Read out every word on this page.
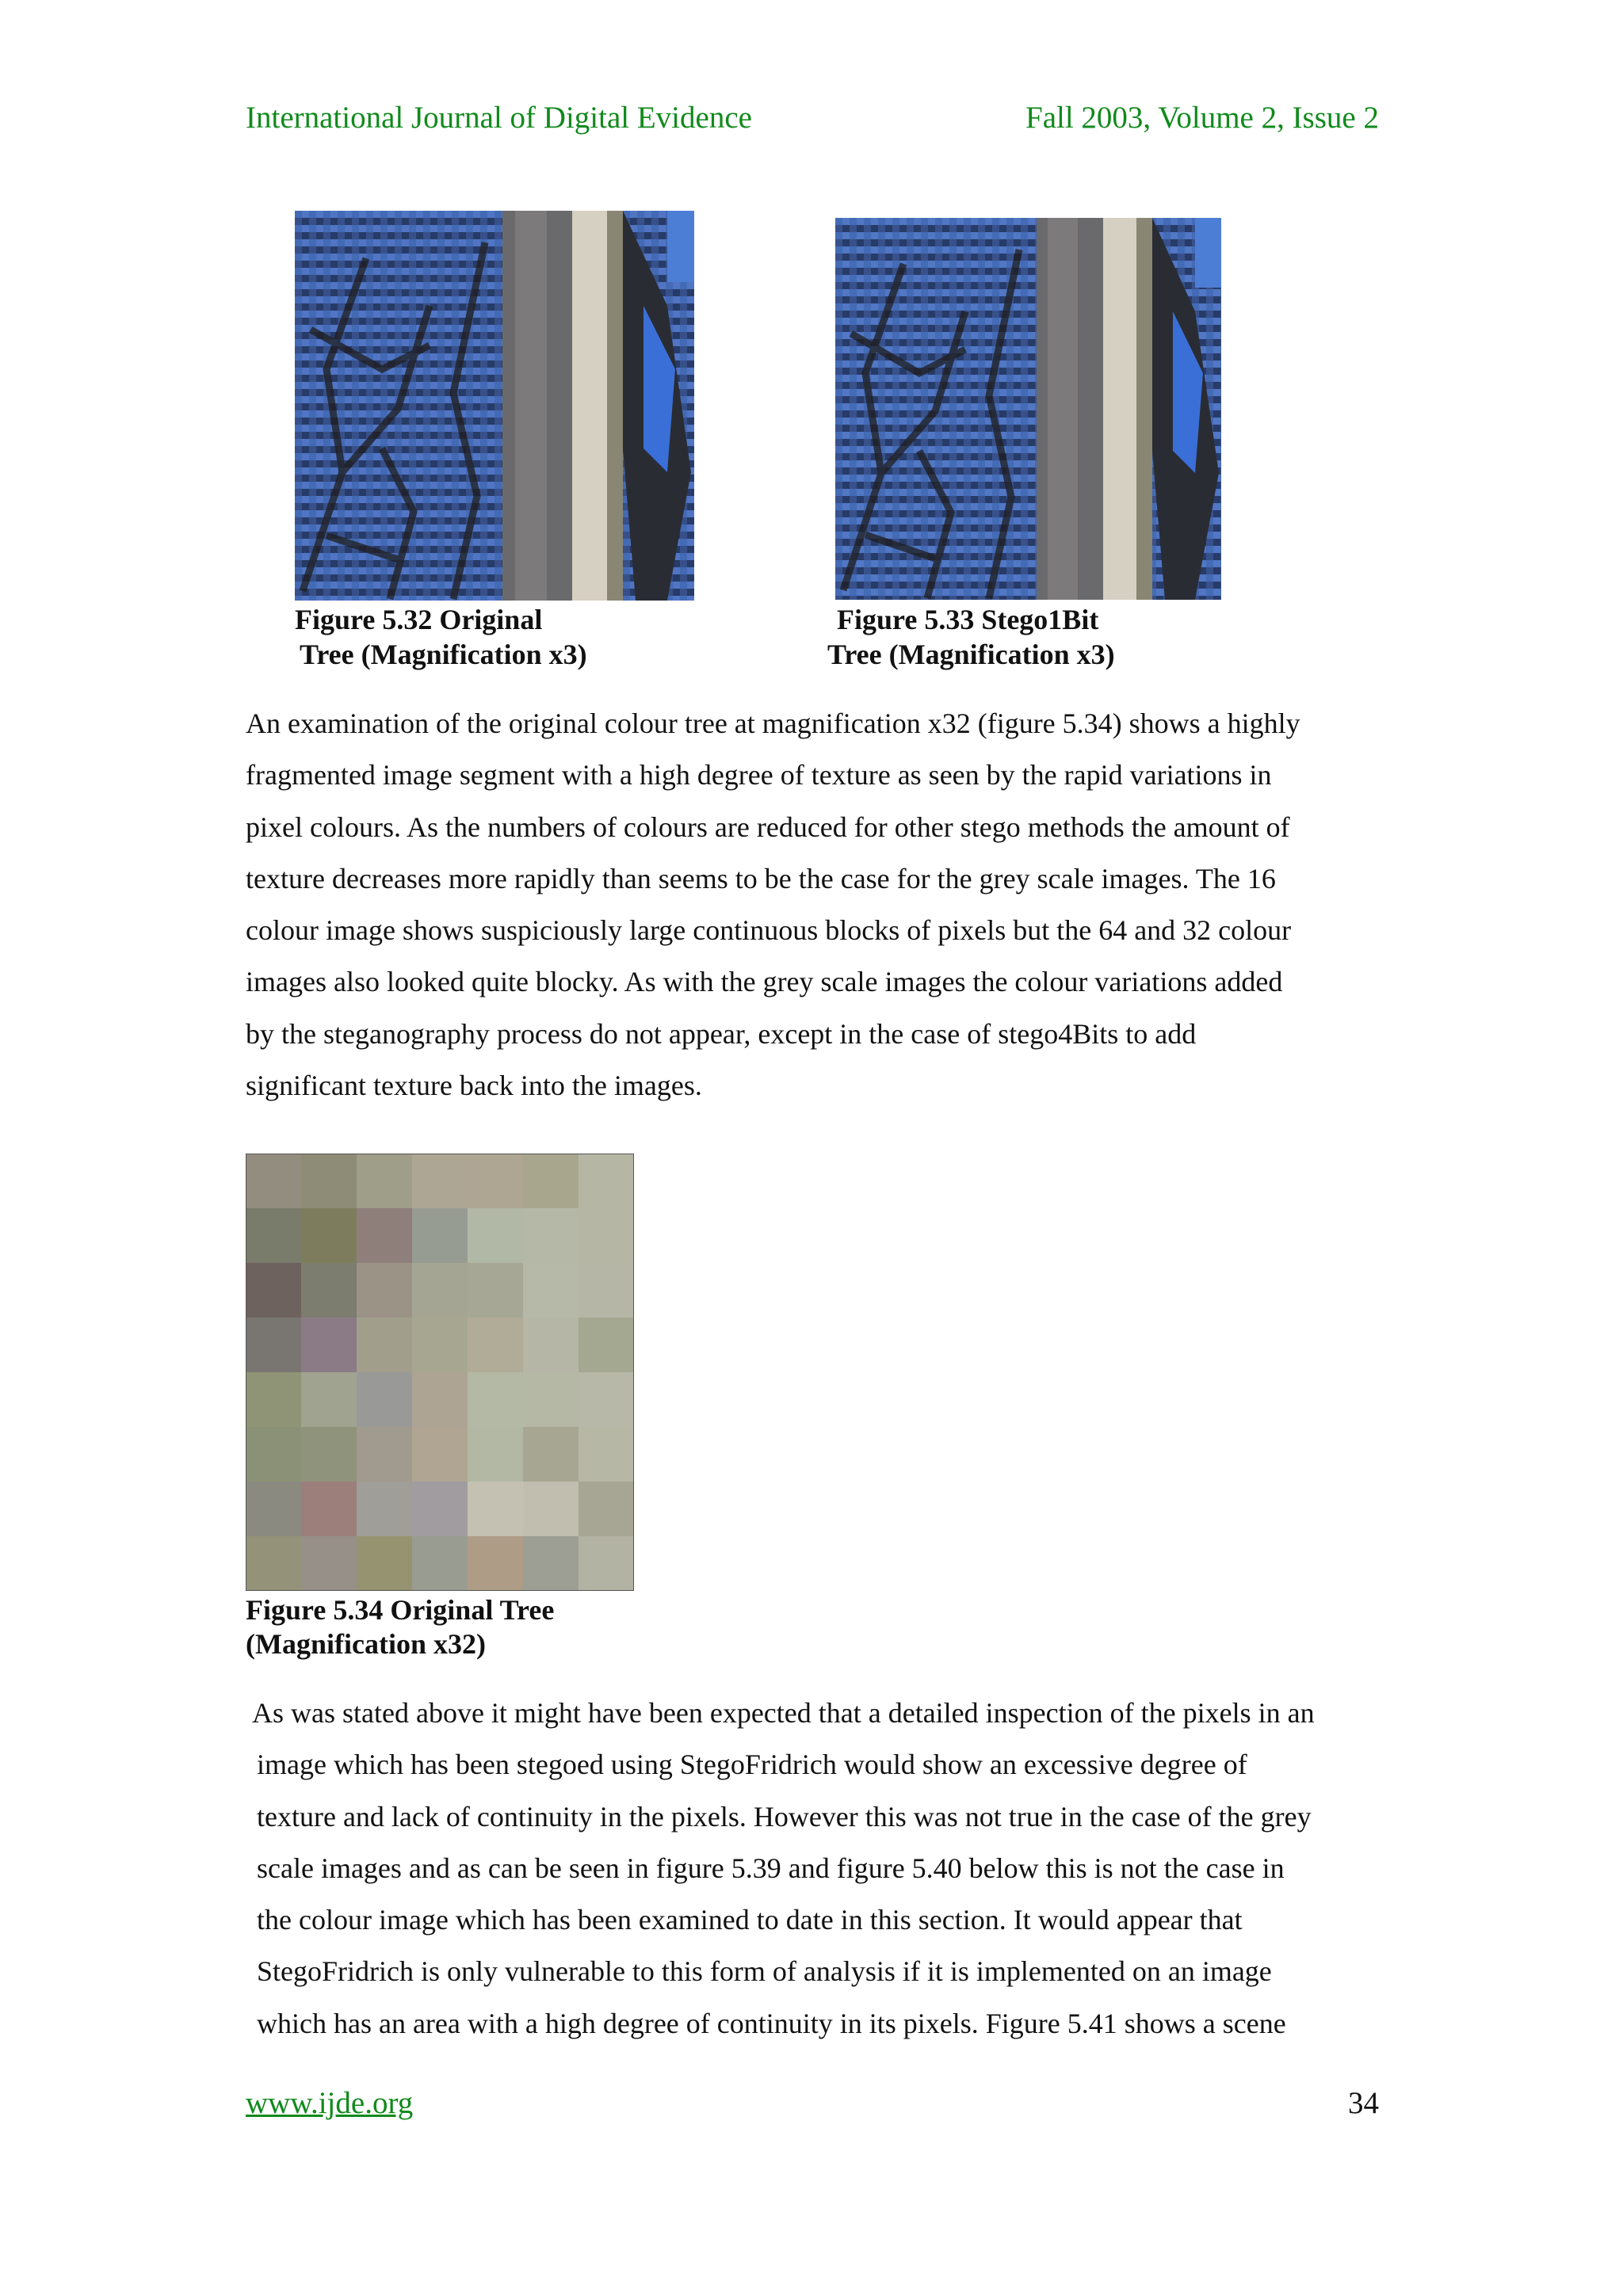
International Journal of Digital Evidence	Fall 2003, Volume 2, Issue 2
Figure 5.32 Original
Tree (Magnification x3)
Figure 5.33 Stego1Bit
Tree (Magnification x3)
An examination of the original colour tree at magnification x32 (figure 5.34) shows a highly
fragmented image segment with a high degree of texture as seen by the rapid variations in
pixel colours. As the numbers of colours are reduced for other stego methods the amount of
texture decreases more rapidly than seems to be the case for the grey scale images. The 16
colour image shows suspiciously large continuous blocks of pixels but the 64 and 32 colour
images also looked quite blocky. As with the grey scale images the colour variations added
by the steganography process do not appear, except in the case of stego4Bits to add
significant texture back into the images.
Figure 5.34 Original Tree
(Magnification x32)
As was stated above it might have been expected that a detailed inspection of the pixels in an
image which has been stegoed using StegoFridrich would show an excessive degree of
texture and lack of continuity in the pixels. However this was not true in the case of the grey
scale images and as can be seen in figure 5.39 and figure 5.40 below this is not the case in
the colour image which has been examined to date in this section. It would appear that
StegoFridrich is only vulnerable to this form of analysis if it is implemented on an image
which has an area with a high degree of continuity in its pixels. Figure 5.41 shows a scene
www.ijde.org	34
